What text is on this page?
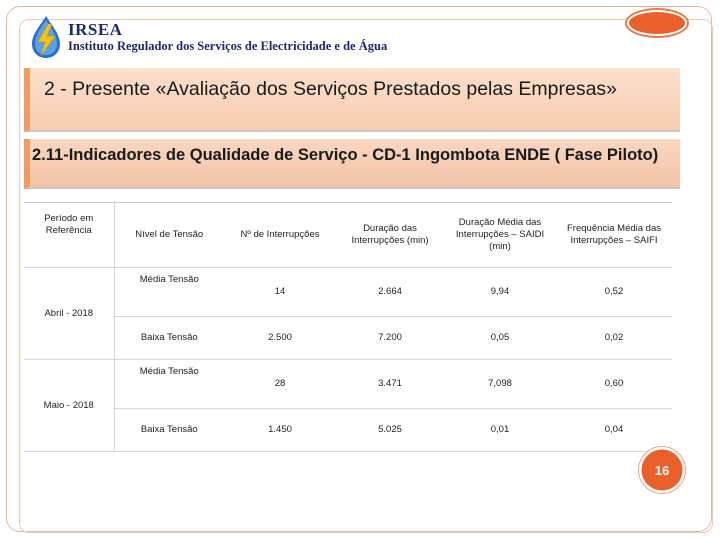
IRSEA
Instituto Regulador dos Serviços de Electricidade e de Água
2 - Presente «Avaliação dos Serviços Prestados pelas Empresas»
2.11-Indicadores de Qualidade de Serviço - CD-1 Ingombota ENDE ( Fase Piloto)
Período em Referência	Nível de Tensão	Nº de Interrupções	Duração das Interrupções (min)	Duração Média das Interrupções – SAIDI (min)	Frequência Média das Interrupções – SAIFI
Abril - 2018	Média Tensão	14	2.664	9,94	0,52
	Baixa Tensão	2.500	7.200	0,05	0,02
Maio - 2018	Média Tensão	28	3.471	7,098	0,60
	Baixa Tensão	1.450	5.025	0,01	0,04
16
